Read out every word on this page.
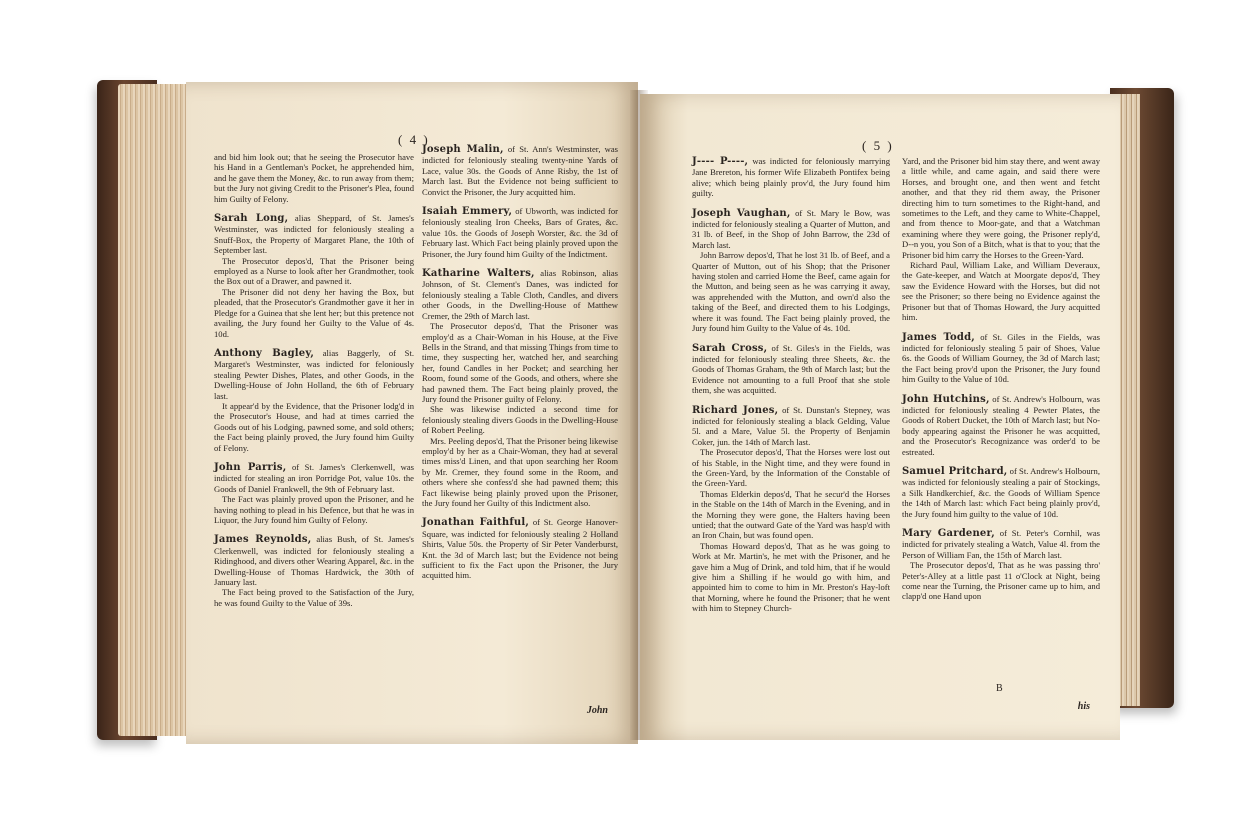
( 4 )

and bid him look out; that he seeing the Prosecutor have his Hand in a Gentleman's Pocket, he apprehended him, and he gave them the Money, &c. to run away from them; but the Jury not giving Credit to the Prisoner's Plea, found him Guilty of Felony.

Sarah Long, alias Sheppard, of St. James's Westminster, was indicted for feloniously stealing a Snuff-Box, the Property of Margaret Plane, the 10th of September last.

The Prosecutor depos'd, That the Prisoner being employed as a Nurse to look after her Grandmother, took the Box out of a Drawer, and pawned it.

The Prisoner did not deny her having the Box, but pleaded, that the Prosecutor's Grandmother gave it her in Pledge for a Guinea that she lent her; but this pretence not availing, the Jury found her Guilty to the Value of 4s. 10d.

Anthony Bagley, alias Baggerly, of St. Margaret's Westminster, was indicted for feloniously stealing Pewter Dishes, Plates, and other Goods, in the Dwelling-House of John Holland, the 6th of February last.

It appear'd by the Evidence, that the Prisoner lodg'd in the Prosecutor's House, and had at times carried the Goods out of his Lodging, pawned some, and sold others; the Fact being plainly proved, the Jury found him Guilty of Felony.

John Parris, of St. James's Clerkenwell, was indicted for stealing an iron Porridge Pot, value 10s. the Goods of Daniel Frankwell, the 9th of February last.

The Fact was plainly proved upon the Prisoner, and he having nothing to plead in his Defence, but that he was in Liquor, the Jury found him Guilty of Felony.

James Reynolds, alias Bush, of St. James's Clerkenwell, was indicted for feloniously stealing a Ridinghood, and divers other Wearing Apparel, &c. in the Dwelling-House of Thomas Hardwick, the 30th of January last.

The Fact being proved to the Satisfaction of the Jury, he was found Guilty to the Value of 39s.

Joseph Malin, of St. Ann's Westminster, was indicted for feloniously stealing twenty-nine Yards of Lace, value 30s. the Goods of Anne Risby, the 1st of March last. But the Evidence not being sufficient to Convict the Prisoner, the Jury acquitted him.

Isaiah Emmery, of Ubworth, was indicted for feloniously stealing Iron Cheeks, Bars of Grates, &c. value 10s. the Goods of Joseph Worster, &c. the 3d of February last. Which Fact being plainly proved upon the Prisoner, the Jury found him Guilty of the Indictment.

Katharine Walters, alias Robinson, alias Johnson, of St. Clement's Danes, was indicted for feloniously stealing a Table Cloth, Candles, and divers other Goods, in the Dwelling-House of Matthew Cremer, the 29th of March last.

The Prosecutor depos'd, That the Prisoner was employ'd as a Chair-Woman in his House, at the Five Bells in the Strand, and that missing Things from time to time, they suspecting her, watched her, and searching her, found Candles in her Pocket; and searching her Room, found some of the Goods, and others, where she had pawned them. The Fact being plainly proved, the Jury found the Prisoner guilty of Felony.

She was likewise indicted a second time for feloniously stealing divers Goods in the Dwelling-House of Robert Peeling.

Mrs. Peeling depos'd, That the Prisoner being likewise employ'd by her as a Chair-Woman, they had at several times miss'd Linen, and that upon searching her Room by Mr. Cremer, they found some in the Room, and others where she confess'd she had pawned them; this Fact likewise being plainly proved upon the Prisoner, the Jury found her Guilty of this Indictment also.

Jonathan Faithful, of St. George Hanover-Square, was indicted for feloniously stealing 2 Holland Shirts, Value 50s. the Property of Sir Peter Vanderburst, Knt. the 3d of March last; but the Evidence not being sufficient to fix the Fact upon the Prisoner, the Jury acquitted him.

John
( 5 )

J---- P----, was indicted for feloniously marrying Jane Brereton, his former Wife Elizabeth Pontifex being alive; which being plainly prov'd, the Jury found him guilty.

Joseph Vaughan, of St. Mary le Bow, was indicted for feloniously stealing a Quarter of Mutton, and 31 lb. of Beef, in the Shop of John Barrow, the 23d of March last.

John Barrow depos'd, That he lost 31 lb. of Beef, and a Quarter of Mutton, out of his Shop; that the Prisoner having stolen and carried Home the Beef, came again for the Mutton, and being seen as he was carrying it away, was apprehended with the Mutton, and own'd also the taking of the Beef, and directed them to his Lodgings, where it was found. The Fact being plainly proved, the Jury found him Guilty to the Value of 4s. 10d.

Sarah Cross, of St. Giles's in the Fields, was indicted for feloniously stealing three Sheets, &c. the Goods of Thomas Graham, the 9th of March last; but the Evidence not amounting to a full Proof that she stole them, she was acquitted.

Richard Jones, of St. Dunstan's Stepney, was indicted for feloniously stealing a black Gelding, Value 5l. and a Mare, Value 5l. the Property of Benjamin Coker, jun. the 14th of March last.

The Prosecutor depos'd, That the Horses were lost out of his Stable, in the Night time, and they were found in the Green-Yard, by the Information of the Constable of the Green-Yard.

Thomas Elderkin depos'd, That he secur'd the Horses in the Stable on the 14th of March in the Evening, and in the Morning they were gone, the Halters having been untied; that the outward Gate of the Yard was hasp'd with an Iron Chain, but was found open.

Thomas Howard depos'd, That as he was going to Work at Mr. Martin's, he met with the Prisoner, and he gave him a Mug of Drink, and told him, that if he would give him a Shilling if he would go with him, and appointed him to come to him in Mr. Preston's Hay-loft that Morning, where he found the Prisoner; that he went with him to Stepney Church-

Yard, and the Prisoner bid him stay there, and went away a little while, and came again, and said there were Horses, and brought one, and then went and fetcht another, and that they rid them away, the Prisoner directing him to turn sometimes to the Right-hand, and sometimes to the Left, and they came to White-Chappel, and from thence to Moor-gate, and that a Watchman examining where they were going, the Prisoner reply'd, D--n you, you Son of a Bitch, what is that to you; that the Prisoner bid him carry the Horses to the Green-Yard.

Richard Paul, William Lake, and William Deveraux, the Gate-keeper, and Watch at Moorgate depos'd, They saw the Evidence Howard with the Horses, but did not see the Prisoner; so there being no Evidence against the Prisoner but that of Thomas Howard, the Jury acquitted him.

James Todd, of St. Giles in the Fields, was indicted for feloniously stealing 5 pair of Shoes, Value 6s. the Goods of William Gourney, the 3d of March last; the Fact being prov'd upon the Prisoner, the Jury found him Guilty to the Value of 10d.

John Hutchins, of St. Andrew's Holbourn, was indicted for feloniously stealing 4 Pewter Plates, the Goods of Robert Ducket, the 10th of March last; but No-body appearing against the Prisoner he was acquitted, and the Prosecutor's Recognizance was order'd to be estreated.

Samuel Pritchard, of St. Andrew's Holbourn, was indicted for feloniously stealing a pair of Stockings, a Silk Handkerchief, &c. the Goods of William Spence the 14th of March last: which Fact being plainly prov'd, the Jury found him guilty to the value of 10d.

Mary Gardener, of St. Peter's Cornhil, was indicted for privately stealing a Watch, Value 4l. from the Person of William Fan, the 15th of March last.

The Prosecutor depos'd, That as he was passing thro' Peter's-Alley at a little past 11 o'Clock at Night, being come near the Turning, the Prisoner came up to him, and clapp'd one Hand upon

B
his
